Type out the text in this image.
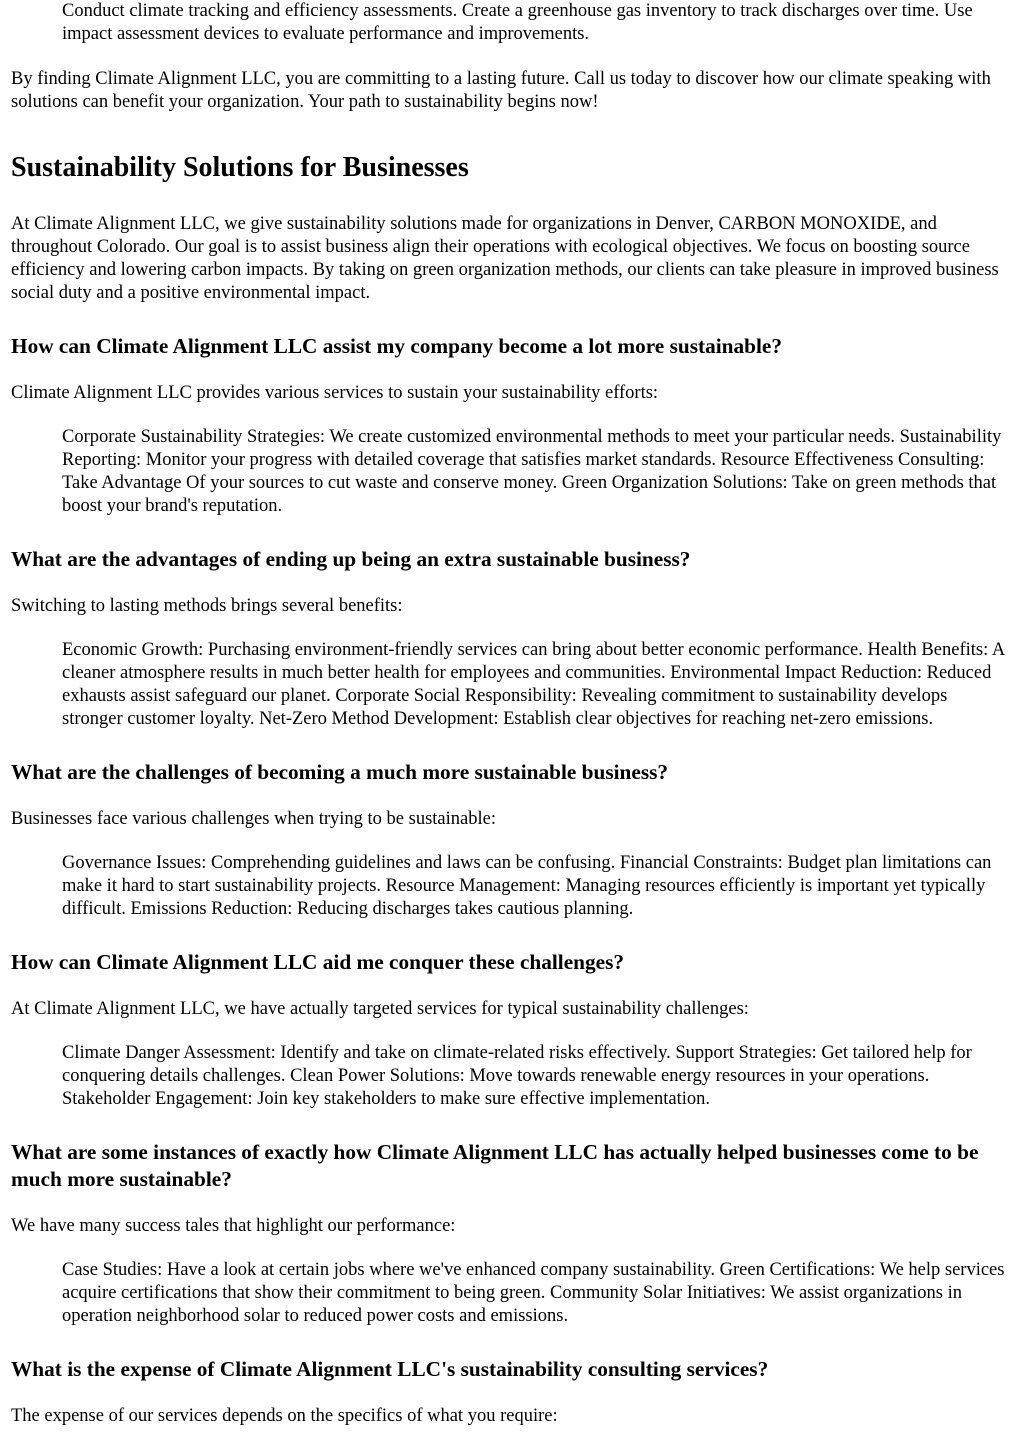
Conduct climate tracking and efficiency assessments. Create a greenhouse gas inventory to track discharges over time. Use impact assessment devices to evaluate performance and improvements.

By finding Climate Alignment LLC, you are committing to a lasting future. Call us today to discover how our climate speaking with solutions can benefit your organization. Your path to sustainability begins now!

Sustainability Solutions for Businesses

At Climate Alignment LLC, we give sustainability solutions made for organizations in Denver, CARBON MONOXIDE, and throughout Colorado. Our goal is to assist business align their operations with ecological objectives. We focus on boosting source efficiency and lowering carbon impacts. By taking on green organization methods, our clients can take pleasure in improved business social duty and a positive environmental impact.

How can Climate Alignment LLC assist my company become a lot more sustainable?

Climate Alignment LLC provides various services to sustain your sustainability efforts:

Corporate Sustainability Strategies: We create customized environmental methods to meet your particular needs. Sustainability Reporting: Monitor your progress with detailed coverage that satisfies market standards. Resource Effectiveness Consulting: Take Advantage Of your sources to cut waste and conserve money. Green Organization Solutions: Take on green methods that boost your brand's reputation.

What are the advantages of ending up being an extra sustainable business?

Switching to lasting methods brings several benefits:

Economic Growth: Purchasing environment-friendly services can bring about better economic performance. Health Benefits: A cleaner atmosphere results in much better health for employees and communities. Environmental Impact Reduction: Reduced exhausts assist safeguard our planet. Corporate Social Responsibility: Revealing commitment to sustainability develops stronger customer loyalty. Net-Zero Method Development: Establish clear objectives for reaching net-zero emissions.

What are the challenges of becoming a much more sustainable business?

Businesses face various challenges when trying to be sustainable:

Governance Issues: Comprehending guidelines and laws can be confusing. Financial Constraints: Budget plan limitations can make it hard to start sustainability projects. Resource Management: Managing resources efficiently is important yet typically difficult. Emissions Reduction: Reducing discharges takes cautious planning.

How can Climate Alignment LLC aid me conquer these challenges?

At Climate Alignment LLC, we have actually targeted services for typical sustainability challenges:

Climate Danger Assessment: Identify and take on climate-related risks effectively. Support Strategies: Get tailored help for conquering details challenges. Clean Power Solutions: Move towards renewable energy resources in your operations. Stakeholder Engagement: Join key stakeholders to make sure effective implementation.

What are some instances of exactly how Climate Alignment LLC has actually helped businesses come to be much more sustainable?

We have many success tales that highlight our performance:

Case Studies: Have a look at certain jobs where we've enhanced company sustainability. Green Certifications: We help services acquire certifications that show their commitment to being green. Community Solar Initiatives: We assist organizations in operation neighborhood solar to reduced power costs and emissions.

What is the expense of Climate Alignment LLC's sustainability consulting services?

The expense of our services depends on the specifics of what you require:
